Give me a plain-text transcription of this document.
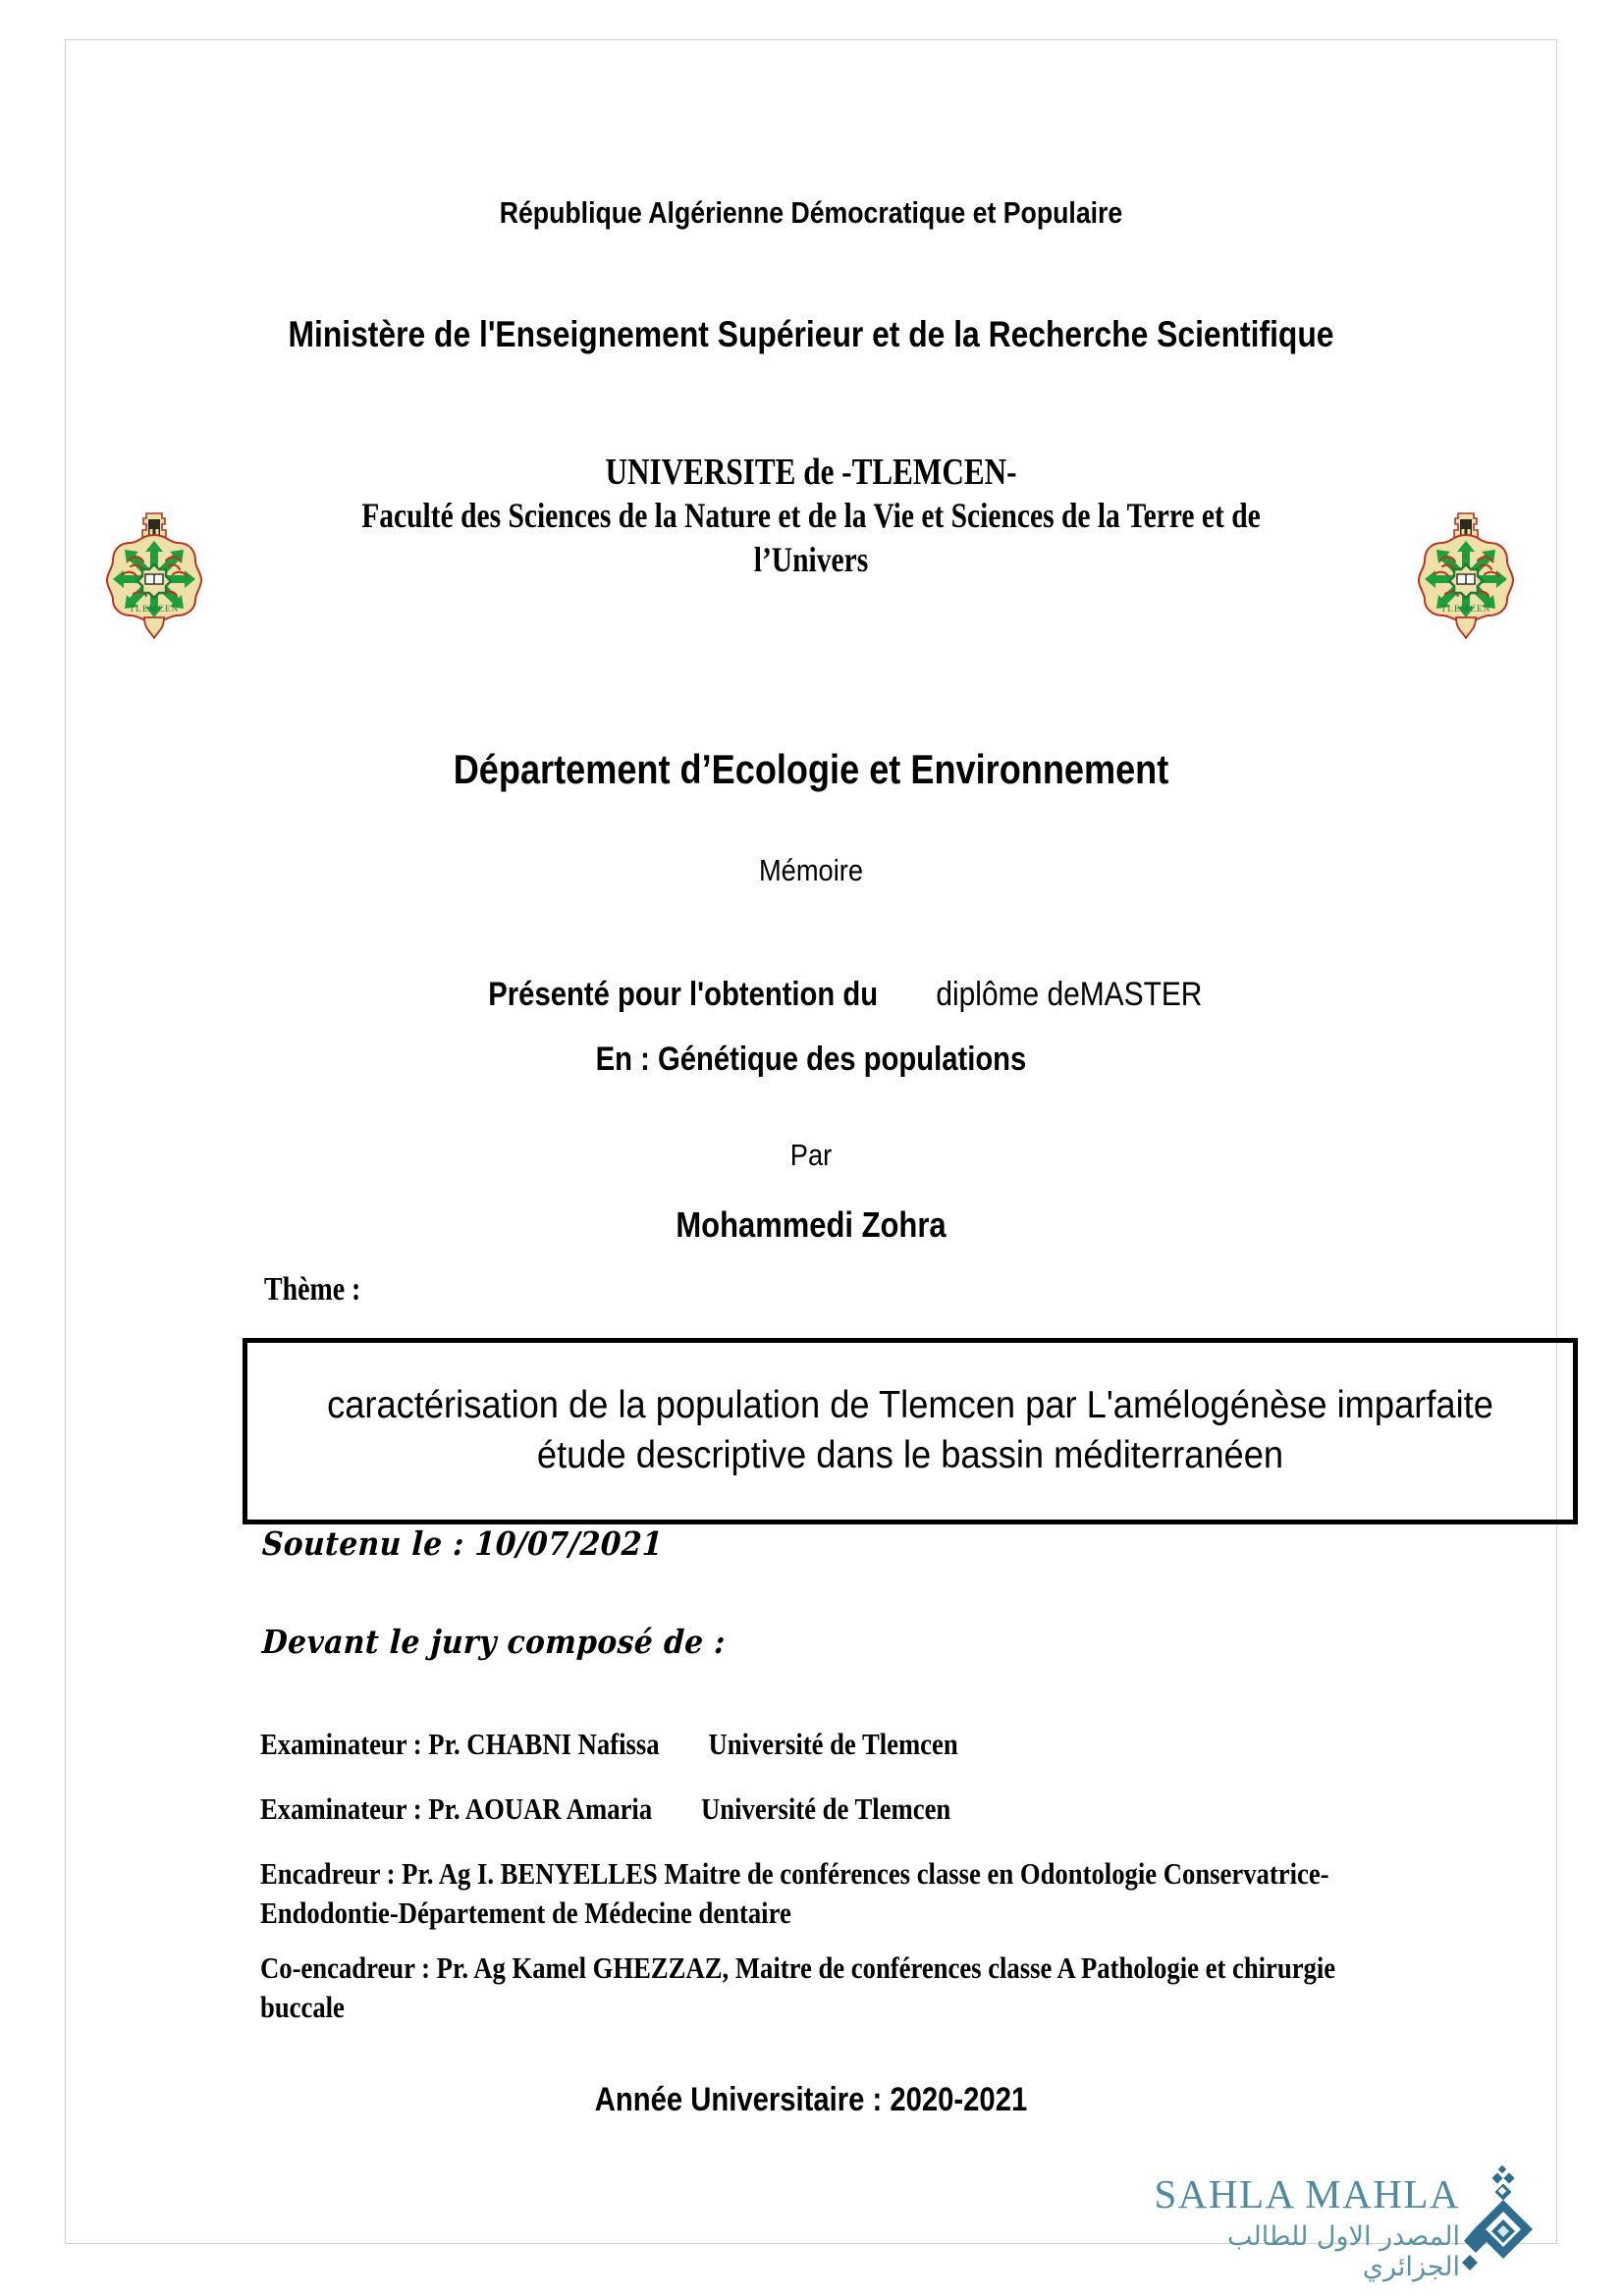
République Algérienne Démocratique et Populaire
Ministère de l'Enseignement Supérieur et de la Recherche Scientifique
UNIVERSITE de -TLEMCEN-
Faculté des Sciences de la Nature et de la Vie et Sciences de la Terre et de l’Univers
Département d’Ecologie et Environnement
TLEMCEN	TLEMCEN
Mémoire

Présenté pour l'obtention du diplôme deMASTER

En : Génétique des populations
Par
Mohammedi Zohra
Thème :
caractérisation de la population de Tlemcen par L'amélogénèse imparfaite étude descriptive dans le bassin méditerranéen
Soutenu le : 10/07/2021
Devant le jury composé de :
Examinateur : Pr. CHABNI Nafissa Université de Tlemcen
Examinateur : Pr. AOUAR Amaria Université de Tlemcen
Encadreur : Pr. Ag I. BENYELLES Maitre de conférences classe en Odontologie Conservatrice-Endodontie-Département de Médecine dentaire
Co-encadreur : Pr. Ag Kamel GHEZZAZ, Maitre de conférences classe A Pathologie et chirurgie buccale
Année Universitaire : 2020-2021
SAHLA MAHLA
المصدر الاول للطالب الجزائري
